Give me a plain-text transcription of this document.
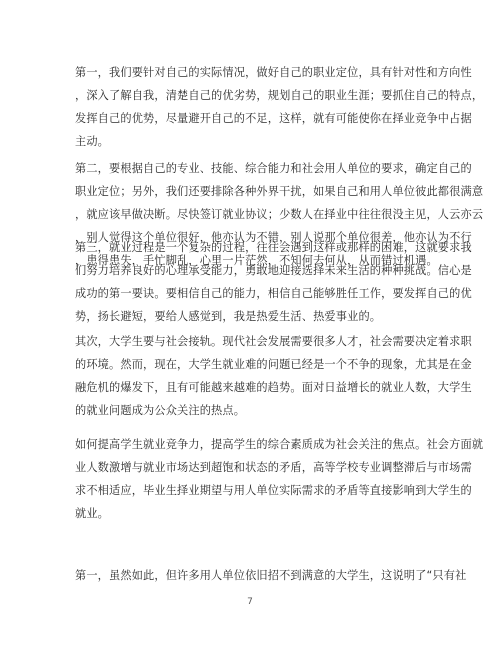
第一，我们要针对自己的实际情况，做好自己的职业定位，具有针对性和方向性
，深入了解自我，清楚自己的优劣势，规划自己的职业生涯；要抓住自己的特点，
发挥自己的优势，尽量避开自己的不足，这样，就有可能使你在择业竞争中占据
主动。
第二，要根据自己的专业、技能、综合能力和社会用人单位的要求，确定自己的
职业定位；另外，我们还要排除各种外界干扰，如果自己和用人单位彼此都很满意
，就应该早做决断。尽快签订就业协议；少数人在择业中往往很没主见，人云亦云
，别人觉得这个单位很好，他亦认为不错，别人说那个单位很差，他亦认为不行
，患得患失，手忙脚乱，心里一片茫然，不知何去何从，从而错过机遇。
第三，就业过程是一个复杂的过程，往往会遇到这样或那样的困难，这就要求我
们努力培养良好的心理承受能力，勇敢地迎接选择未来生活的种种挑战。信心是
成功的第一要诀。要相信自己的能力，相信自己能够胜任工作，要发挥自己的优
势，扬长避短，要给人感觉到，我是热爱生活、热爱事业的。
其次，大学生要与社会接轨。现代社会发展需要很多人才，社会需要决定着求职
的环境。然而，现在，大学生就业难的问题已经是一个不争的现象，尤其是在金
融危机的爆发下，且有可能越来越难的趋势。面对日益增长的就业人数，大学生
的就业问题成为公众关注的热点。
如何提高学生就业竞争力，提高学生的综合素质成为社会关注的焦点。社会方面就
业人数激增与就业市场达到超饱和状态的矛盾，高等学校专业调整滞后与市场需
求不相适应，毕业生择业期望与用人单位实际需求的矛盾等直接影响到大学生的
就业。
第一，虽然如此，但许多用人单位依旧招不到满意的大学生，这说明了“只有社
7
